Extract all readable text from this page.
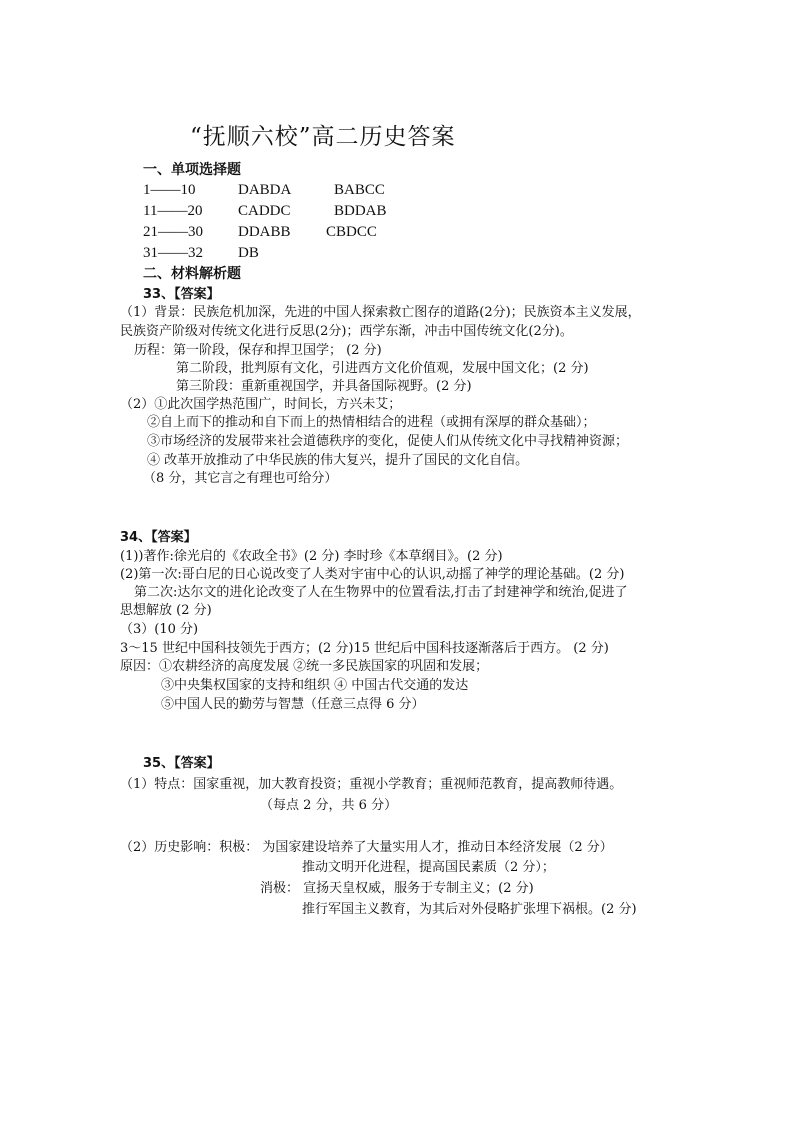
“抚顺六校”高二历史答案
一、单项选择题
1——10	DABDA	BABCC
11——20 CADDC	BDDAB
21——30 DDABB CBDCC
31——32 DB
二、材料解析题
33、【答案】
（1）背景：民族危机加深，先进的中国人探索救亡图存的道路(2分)；民族资本主义发展，
民族资产阶级对传统文化进行反思(2分)；西学东渐，冲击中国传统文化(2分)。
历程：第一阶段，保存和捍卫国学； (2 分)
第二阶段，批判原有文化，引进西方文化价值观，发展中国文化；(2 分)
第三阶段：重新重视国学，并具备国际视野。(2 分)
（2）①此次国学热范围广，时间长，方兴未艾；
②自上而下的推动和自下而上的热情相结合的进程（或拥有深厚的群众基础）；
③市场经济的发展带来社会道德秩序的变化，促使人们从传统文化中寻找精神资源；
④ 改革开放推动了中华民族的伟大复兴，提升了国民的文化自信。
（8 分，其它言之有理也可给分）
34、【答案】
(1))著作:徐光启的《农政全书》(2 分) 李时珍《本草纲目》。(2 分)
(2)第一次:哥白尼的日心说改变了人类对宇宙中心的认识,动摇了神学的理论基础。(2 分)
第二次:达尔文的进化论改变了人在生物界中的位置看法,打击了封建神学和统治,促进了
思想解放 (2 分)
（3）(10 分)
3～15 世纪中国科技领先于西方；(2 分)15 世纪后中国科技逐渐落后于西方。 (2 分)
原因：①农耕经济的高度发展 ②统一多民族国家的巩固和发展；
③中央集权国家的支持和组织 ④ 中国古代交通的发达
⑤中国人民的勤劳与智慧（任意三点得 6 分）
35、【答案】
（1）特点：国家重视，加大教育投资；重视小学教育；重视师范教育，提高教师待遇。
（每点 2 分，共 6 分）
（2）历史影响：积极： 为国家建设培养了大量实用人才，推动日本经济发展（2 分）
推动文明开化进程，提高国民素质（2 分）；
消极： 宣扬天皇权威，服务于专制主义；(2 分)
推行军国主义教育，为其后对外侵略扩张埋下祸根。(2 分)
